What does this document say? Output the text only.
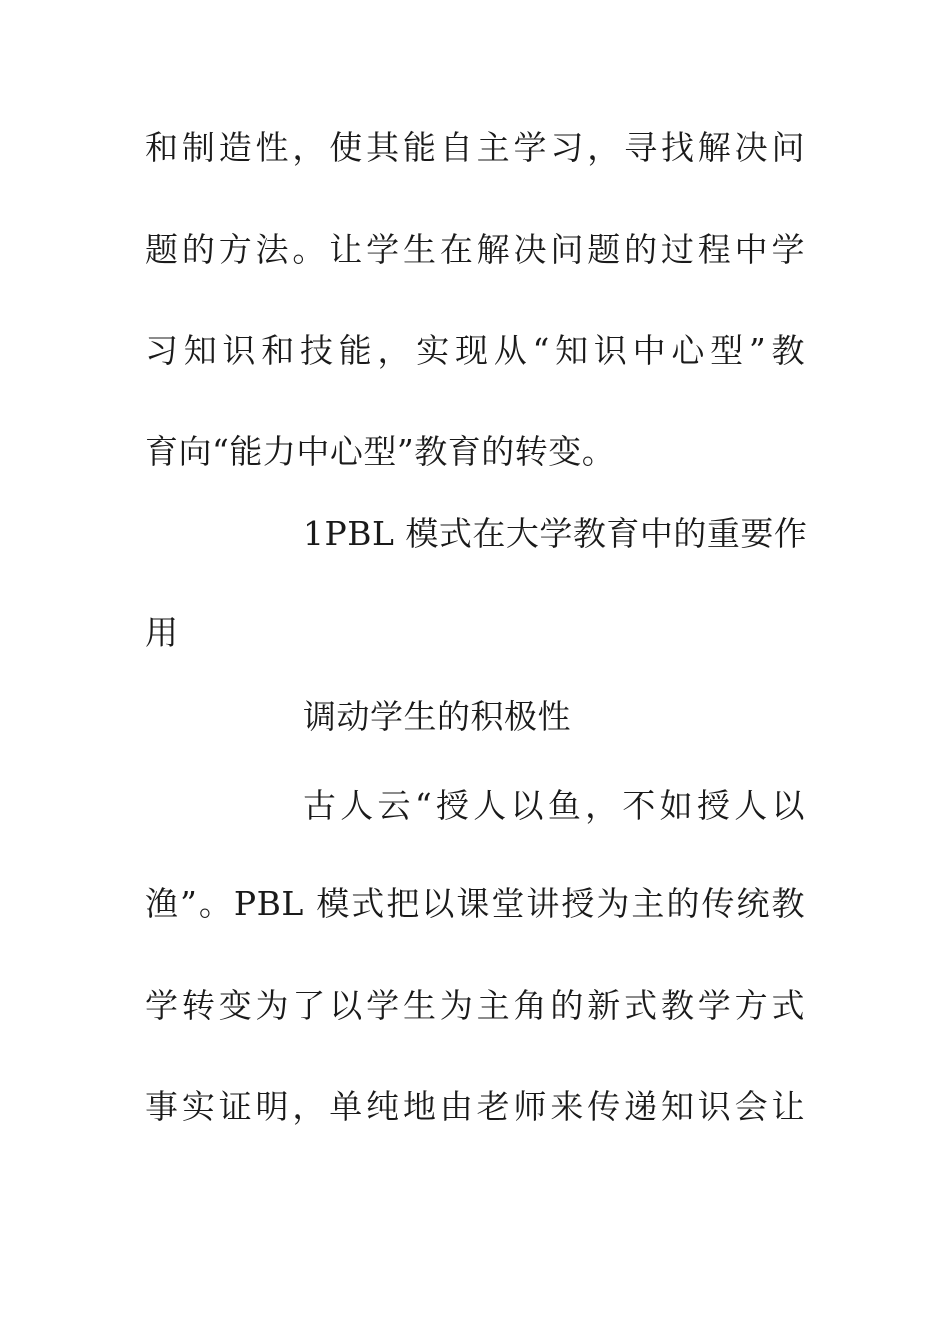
和制造性，使其能自主学习，寻找解决问
题的方法。让学生在解决问题的过程中学
习知识和技能，实现从“知识中心型”教
育向“能力中心型”教育的转变。
1PBL 模式在大学教育中的重要作
用
调动学生的积极性
古人云“授人以鱼，不如授人以
渔”。PBL 模式把以课堂讲授为主的传统教
学转变为了以学生为主角的新式教学方式
事实证明，单纯地由老师来传递知识会让
